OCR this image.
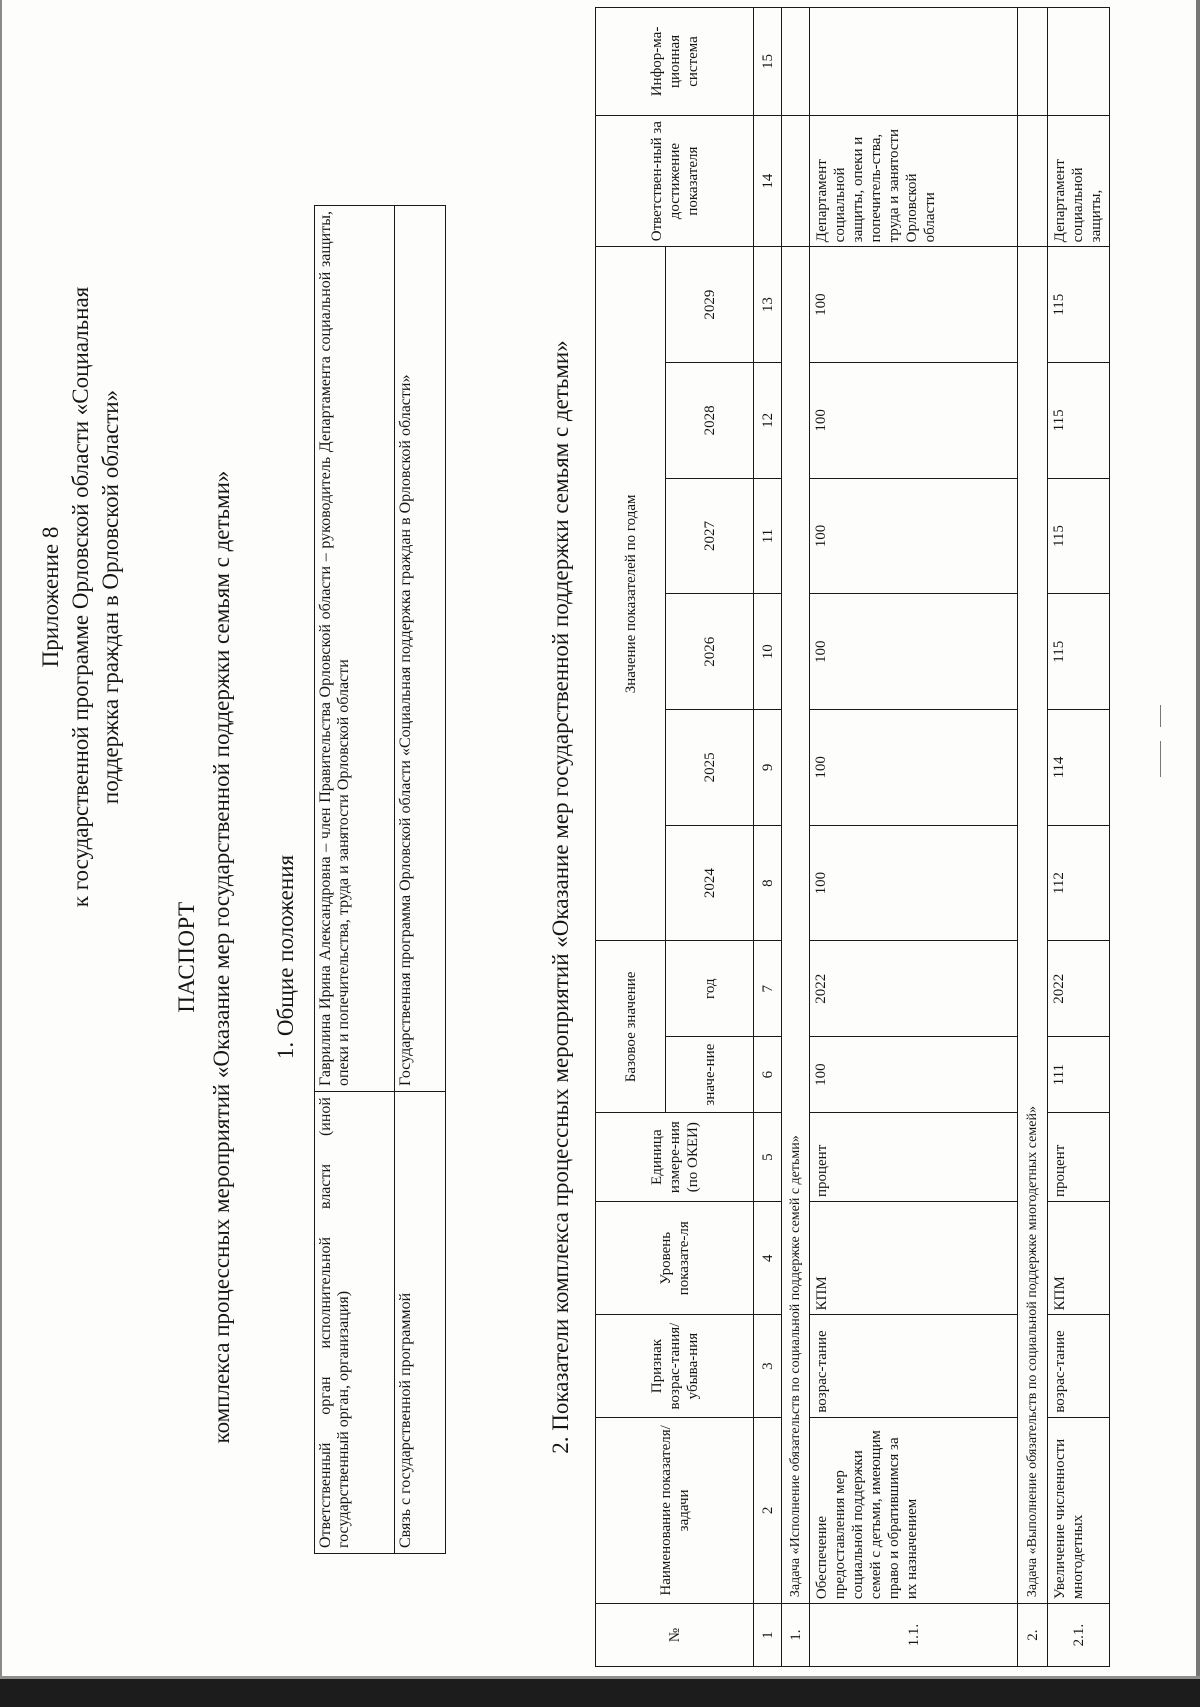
Приложение 8 к государственной программе Орловской области «Социальная поддержка граждан в Орловской области»

ПАСПОРТ комплекса процессных мероприятий «Оказание мер государственной поддержки семьям с детьми» 1. Общие положения

Ответственный орган исполнительной власти (иной государственный орган, организация)	Гаврилина Ирина Александровна – член Правительства Орловской области – руководитель Департамента социальной защиты, опеки и попечительства, труда и занятости Орловской области
Связь с государственной программой	Государственная программа Орловской области «Социальная поддержка граждан в Орловской области»	2. Показатели комплекса процессных мероприятий «Оказание мер государственной поддержки семьям с детьми»

№	Наименование показателя/задачи	Признак возрас-тания/ убыва-ния	Уровень показате-ля	Единица измере-ния (по ОКЕИ)	Базовое значение		Значение показателей по годам						Ответствен-ный за достижение показателя	Инфор-ма-ционная система
					значе-ние	год	2024	2025	2026	2027	2028	2029		
1	2	3	4	5	6	7	8	9	10	11	12	13	14	15
1.	Задача «Исполнение обязательств по социальной поддержке семей с детьми»													
1.1.	Обеспечение предоставления мер социальной поддержки семей с детьми, имеющим право и обратившимся за их назначением	возрас-тание	КПМ	процент	100	2022	100	100	100	100	100	100	Департамент социальной защиты, опеки и попечитель-ства, труда и занятости Орловской области	
2.	Задача «Выполнение обязательств по социальной поддержке многодетных семей»													
2.1.	Увеличение численности многодетных	возрас-тание	КПМ	процент	111	2022	112	114	115	115	115	115	Департамент социальной защиты,	
